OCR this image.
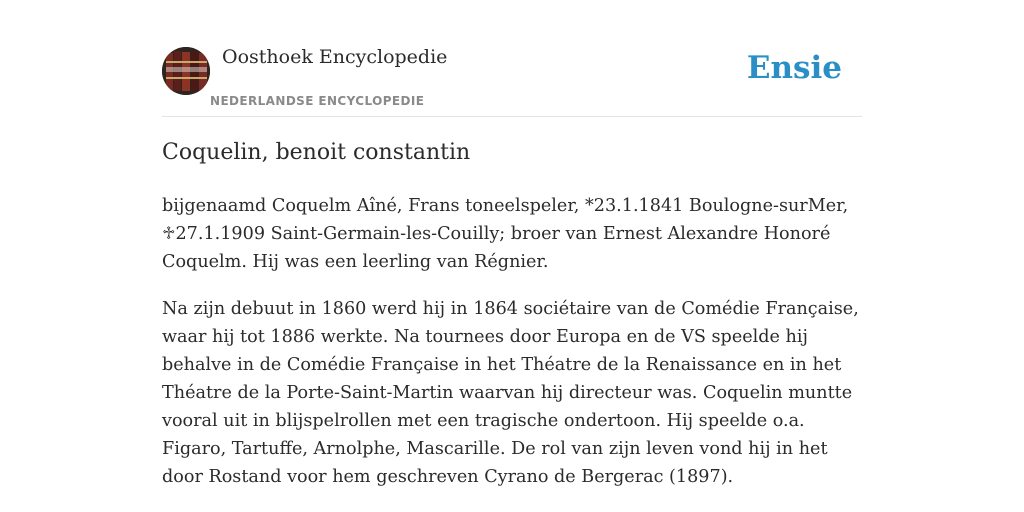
Oosthoek Encyclopedie
NEDERLANDSE ENCYCLOPEDIE
Ensie
Coquelin, benoit constantin

bijgenaamd Coquelm Aîné, Frans toneelspeler, *23.1.1841 Boulogne-surMer, ♱27.1.1909 Saint-Germain-les-Couilly; broer van Ernest Alexandre Honoré Coquelm. Hij was een leerling van Régnier.

Na zijn debuut in 1860 werd hij in 1864 sociétaire van de Comédie Française, waar hij tot 1886 werkte. Na tournees door Europa en de VS speelde hij behalve in de Comédie Française in het Théatre de la Renaissance en in het Théatre de la Porte-Saint-Martin waarvan hij directeur was. Coquelin muntte vooral uit in blijspelrollen met een tragische ondertoon. Hij speelde o.a. Figaro, Tartuffe, Arnolphe, Mascarille. De rol van zijn leven vond hij in het door Rostand voor hem geschreven Cyrano de Bergerac (1897).
